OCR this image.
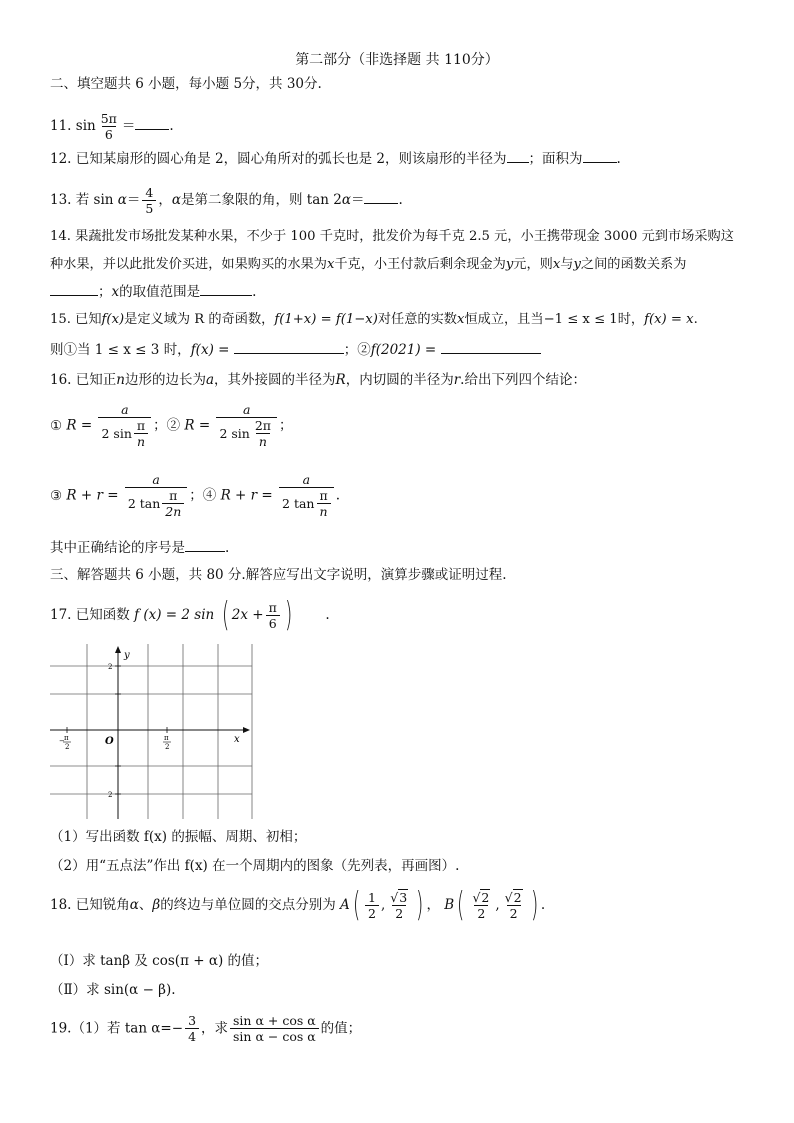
第二部分（非选择题 共 110分）
二、填空题共 6 小题，每小题 5分，共 30分.
11. $\sin \frac{5\pi}{6}$ ＝	.
12. 已知某扇形的圆心角是 2，圆心角所对的弧长也是 2，则该扇形的半径为 ；面积为	.
13. 若 $\sin \alpha= \frac{4}{5}$ ，α是第二象限的角，则 tan 2α＝	.
14. 果蔬批发市场批发某种水果，不少于 100 千克时，批发价为每千克 2.5 元，小王携带现金 3000 元到市场采购这
种水果，并以此批发价买进，如果购买的水果为x千克，小王付款后剩余现金为y元，则x与y之间的函数关系为
；x的取值范围是	.
15. 已知f(x)是定义域为 R 的奇函数，f(1+x) = f(1−x)对任意的实数x恒成立，且当−1 ≤ x ≤ 1时，f(x) = x.
则①当 1 ≤ x ≤ 3 时，f(x) =	；②f(2021) =
16. 已知正n边形的边长为a，其外接圆的半径为R，内切圆的半径为r.给出下列四个结论：
① $R = \frac{a}{2 \sin \frac{\pi}{n}}$ ；② $R = \frac{a}{2 \sin \frac{2\pi}{n}}$ ；
③ $R + r = \frac{a}{2 \tan \frac{\pi}{2n}}$ ；④ $R + r = \frac{a}{2 \tan \frac{\pi}{n}}$ .
其中正确结论的序号是	.
三、解答题共 6 小题，共 80 分.解答应写出文字说明，演算步骤或证明过程.
17. 已知函数 f (x) = 2 sin ( $2x + \frac{\pi}{6}$ ) .
y
x
O
2
2
− π
2
π
2
（1）写出函数 f(x) 的振幅、周期、初相；
（2）用“五点法”作出 f(x) 在一个周期内的图象（先列表，再画图）.
18. 已知锐角α、β的终边与单位圆的交点分别为 $A( \frac{1}{2}$ , $\frac{√3}{2}$ ) ， $B( \frac{√2}{2}$ , $\frac{√2}{2}$ ) .
（Ⅰ）求 tanβ 及 cos(π + α) 的值；
（Ⅱ）求 sin(α − β).
19.（1）若 $\tan \alpha=- \frac{3}{4}$ ，求 $\frac{\text{sin α + cos α}}{\text{sin α − cos α}}$ 的值；
